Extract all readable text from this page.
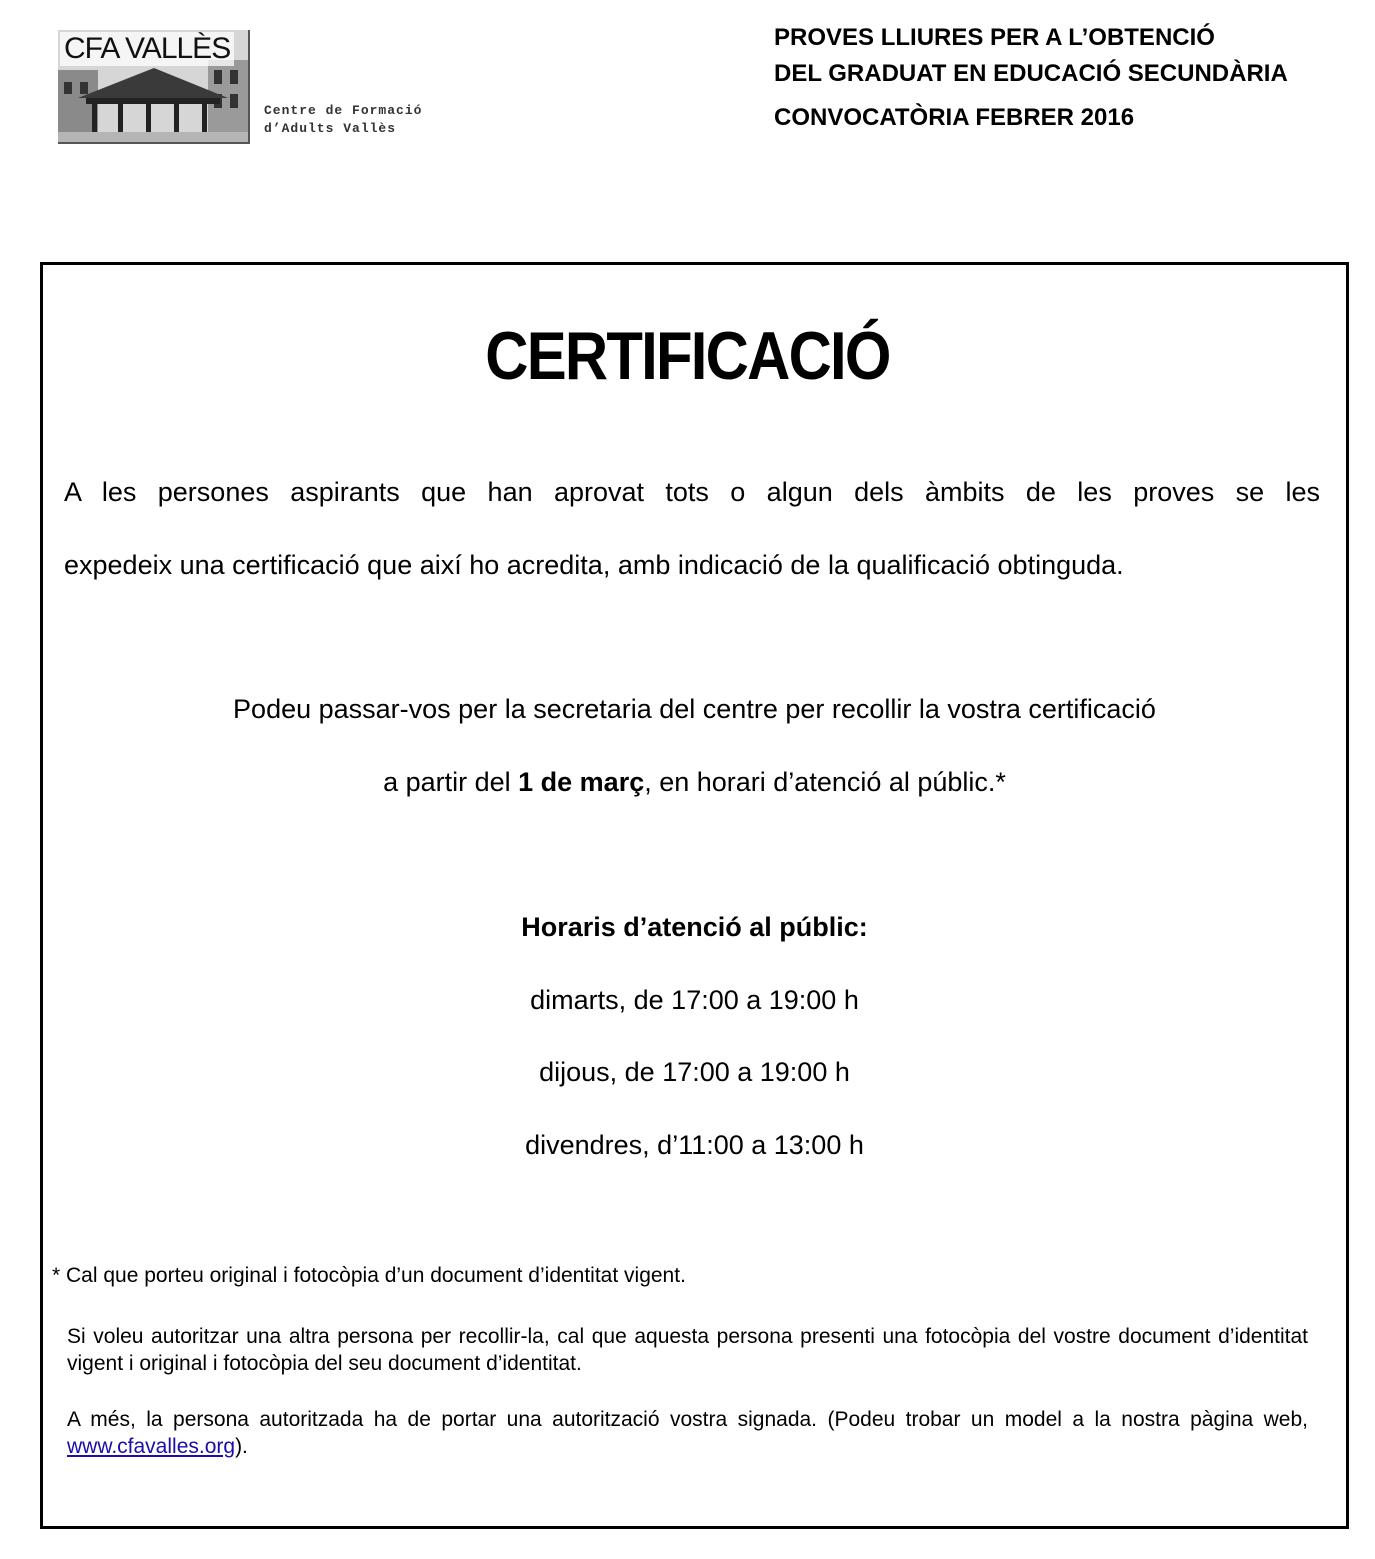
CFA VALLÈS
Centre de Formació
d’Adults Vallès
PROVES LLIURES PER A L’OBTENCIÓ
DEL GRADUAT EN EDUCACIÓ SECUNDÀRIA
CONVOCATÒRIA FEBRER 2016
CERTIFICACIÓ
A les persones aspirants que han aprovat tots o algun dels àmbits de les proves se les
expedeix una certificació que així ho acredita, amb indicació de la qualificació obtinguda.
Podeu passar-vos per la secretaria del centre per recollir la vostra certificació
a partir del 1 de març, en horari d’atenció al públic.*
Horaris d’atenció al públic:
dimarts, de 17:00 a 19:00 h
dijous, de 17:00 a 19:00 h
divendres, d’11:00 a 13:00 h
* Cal que porteu original i fotocòpia d’un document d’identitat vigent.
Si voleu autoritzar una altra persona per recollir-la, cal que aquesta persona presenti una fotocòpia del vostre document d’identitat vigent i original i fotocòpia del seu document d’identitat.
A més, la persona autoritzada ha de portar una autorització vostra signada. (Podeu trobar un model a la nostra pàgina web, www.cfavalles.org).
